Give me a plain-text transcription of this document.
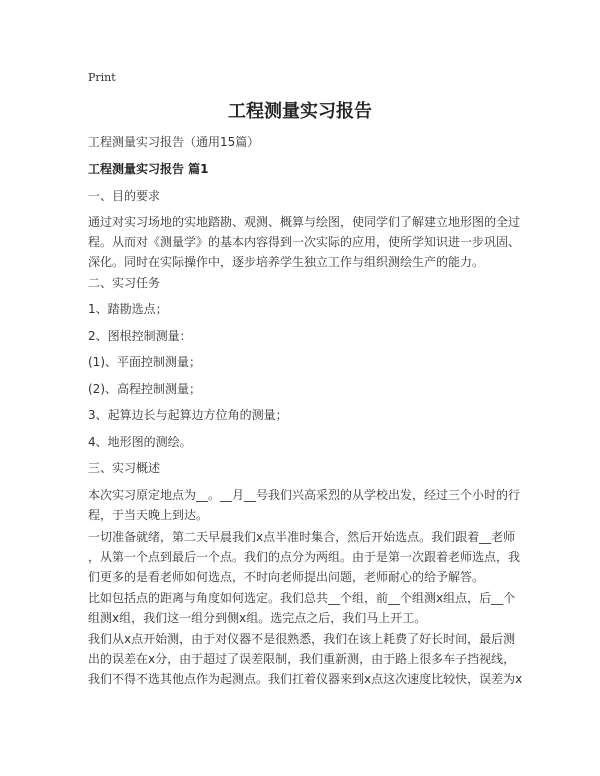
Print
工程测量实习报告
工程测量实习报告（通用15篇）
工程测量实习报告 篇1
一、目的要求
通过对实习场地的实地踏勘、观测、概算与绘图，使同学们了解建立地形图的全过
程。从而对《测量学》的基本内容得到一次实际的应用，使所学知识进一步巩固、
深化。同时在实际操作中，逐步培养学生独立工作与组织测绘生产的能力。
二、实习任务
1、踏勘选点；
2、图根控制测量：
(1)、平面控制测量；
(2)、高程控制测量；
3、起算边长与起算边方位角的测量；
4、地形图的测绘。
三、实习概述
本次实习原定地点为__。__月__号我们兴高采烈的从学校出发，经过三个小时的行
程，于当天晚上到达。
一切准备就绪，第二天早晨我们x点半准时集合，然后开始选点。我们跟着__老师
，从第一个点到最后一个点。我们的点分为两组。由于是第一次跟着老师选点，我
们更多的是看老师如何选点，不时向老师提出问题，老师耐心的给予解答。
比如包括点的距离与角度如何选定。我们总共__个组，前__个组测x组点，后__个
组测x组，我们这一组分到侧x组。选完点之后，我们马上开工。
我们从x点开始测，由于对仪器不是很熟悉，我们在该上耗费了好长时间，最后测
出的误差在x分，由于超过了误差限制，我们重新测，由于路上很多车子挡视线，
我们不得不选其他点作为起测点。我们扛着仪器来到x点这次速度比较快，误差为x
